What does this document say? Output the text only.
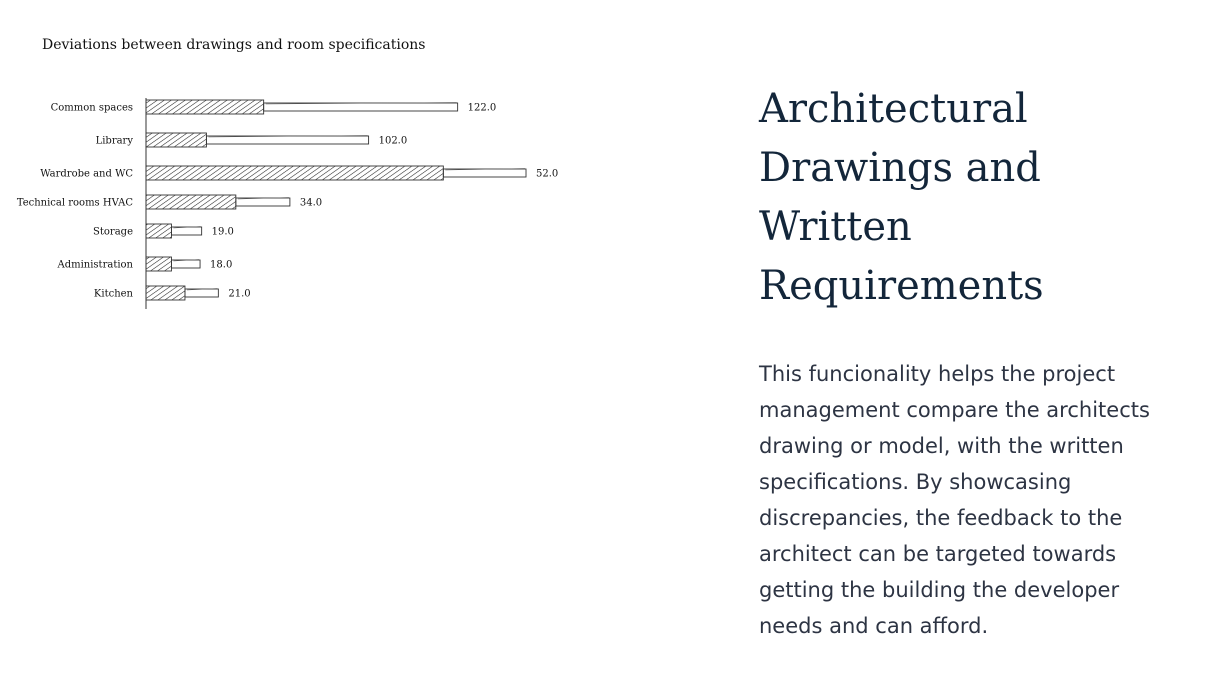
Deviations between drawings and room specifications
Common spaces	122.0
Library	102.0
Wardrobe and WC	52.0
Technical rooms HVAC	34.0
Storage	19.0
Administration	18.0
Kitchen	21.0
Architectural Drawings and Written Requirements

This funcionality helps the project management compare the architects drawing or model, with the written specifications. By showcasing discrepancies, the feedback to the architect can be targeted towards getting the building the developer needs and can afford.
